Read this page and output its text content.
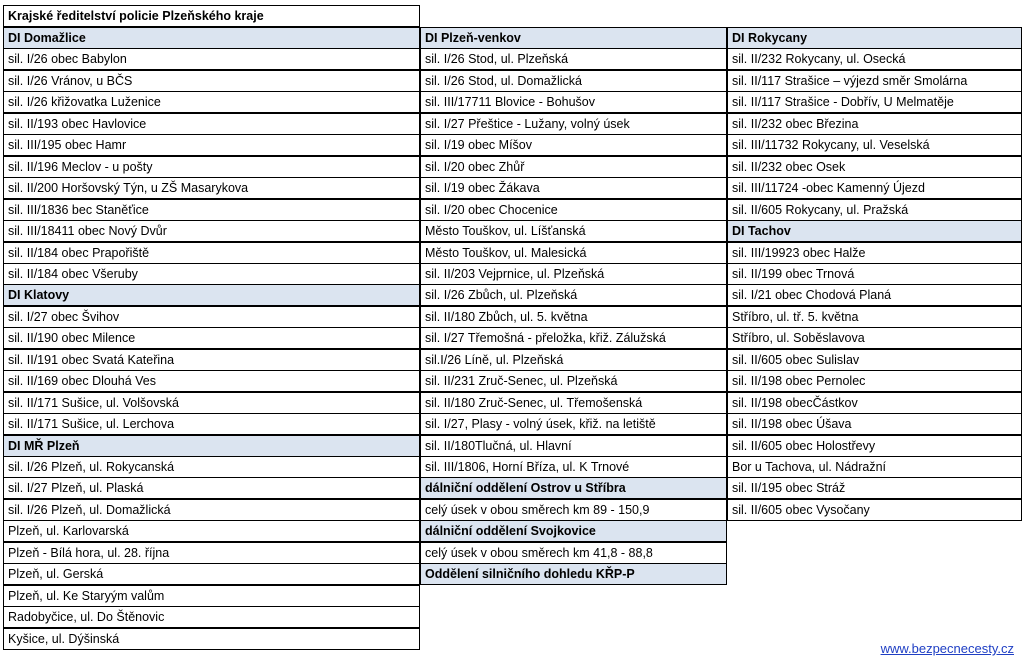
Krajské ředitelství policie Plzeňského kraje
DI Domažlice
sil. I/26 obec Babylon
sil. I/26 Vránov, u BČS
sil. I/26 křižovatka Luženice
sil. II/193 obec Havlovice
sil. III/195 obec Hamr
sil. II/196 Meclov - u pošty
sil. II/200 Horšovský Týn, u ZŠ Masarykova
sil. III/1836 bec Staněťice
sil. III/18411 obec Nový Dvůr
sil. II/184 obec Prapořiště
sil. II/184 obec Všeruby
DI Klatovy
sil. I/27 obec Švihov
sil. II/190 obec Milence
sil. II/191 obec Svatá Kateřina
sil. II/169 obec Dlouhá Ves
sil. II/171 Sušice, ul. Volšovská
sil. II/171 Sušice, ul. Lerchova
DI MŘ Plzeň
sil. I/26 Plzeň, ul. Rokycanská
sil. I/27 Plzeň, ul. Plaská
sil. I/26 Plzeň, ul. Domažlická
Plzeň, ul. Karlovarská
Plzeň - Bílá hora, ul. 28. října
Plzeň, ul. Gerská
Plzeň, ul. Ke Staryým valům
Radobyčice, ul. Do Štěnovic
Kyšice, ul. Dýšinská
DI Plzeň-venkov
sil. I/26 Stod, ul. Plzeňská
sil. I/26 Stod, ul. Domažlická
sil. III/17711 Blovice - Bohušov
sil. I/27 Přeštice - Lužany, volný úsek
sil. I/19 obec Míšov
sil. I/20 obec Zhůř
sil. I/19 obec Žákava
sil. I/20 obec Chocenice
Město Touškov, ul. Líšťanská
Město Touškov, ul. Malesická
sil. II/203 Vejprnice, ul. Plzeňská
sil. I/26 Zbůch, ul. Plzeňská
sil. II/180 Zbůch, ul. 5. května
sil. I/27 Třemošná - přeložka, křiž. Zálužská
sil.I/26 Líně, ul. Plzeňská
sil. II/231 Zruč-Senec, ul. Plzeňská
sil. II/180 Zruč-Senec, ul. Třemošenská
sil. I/27, Plasy - volný úsek, křiž. na letiště
sil. II/180Tlučná, ul. Hlavní
sil. III/1806, Horní Bříza, ul. K Trnové
dálniční oddělení Ostrov u Stříbra
celý úsek v obou směrech km 89 - 150,9
dálniční oddělení Svojkovice
celý úsek v obou směrech km 41,8 - 88,8
Oddělení silničního dohledu KŘP-P
DI Rokycany
sil. II/232 Rokycany, ul. Osecká
sil. II/117 Strašice – výjezd směr Smolárna
sil. II/117 Strašice - Dobřív, U Melmatěje
sil. II/232 obec Březina
sil. III/11732 Rokycany, ul. Veselská
sil. II/232 obec Osek
sil. III/11724 -obec Kamenný Újezd
sil. II/605 Rokycany, ul. Pražská
DI Tachov
sil. III/19923 obec Halže
sil. II/199 obec Trnová
sil. I/21 obec Chodová Planá
Stříbro, ul. tř. 5. května
Stříbro, ul. Soběslavova
sil. II/605 obec Sulislav
sil. II/198 obec Pernolec
sil. II/198 obecČástkov
sil. II/198 obec Úšava
sil. II/605 obec Holostřevy
Bor u Tachova, ul. Nádražní
sil. II/195 obec Stráž
sil. II/605 obec Vysočany
www.bezpecnecesty.cz
